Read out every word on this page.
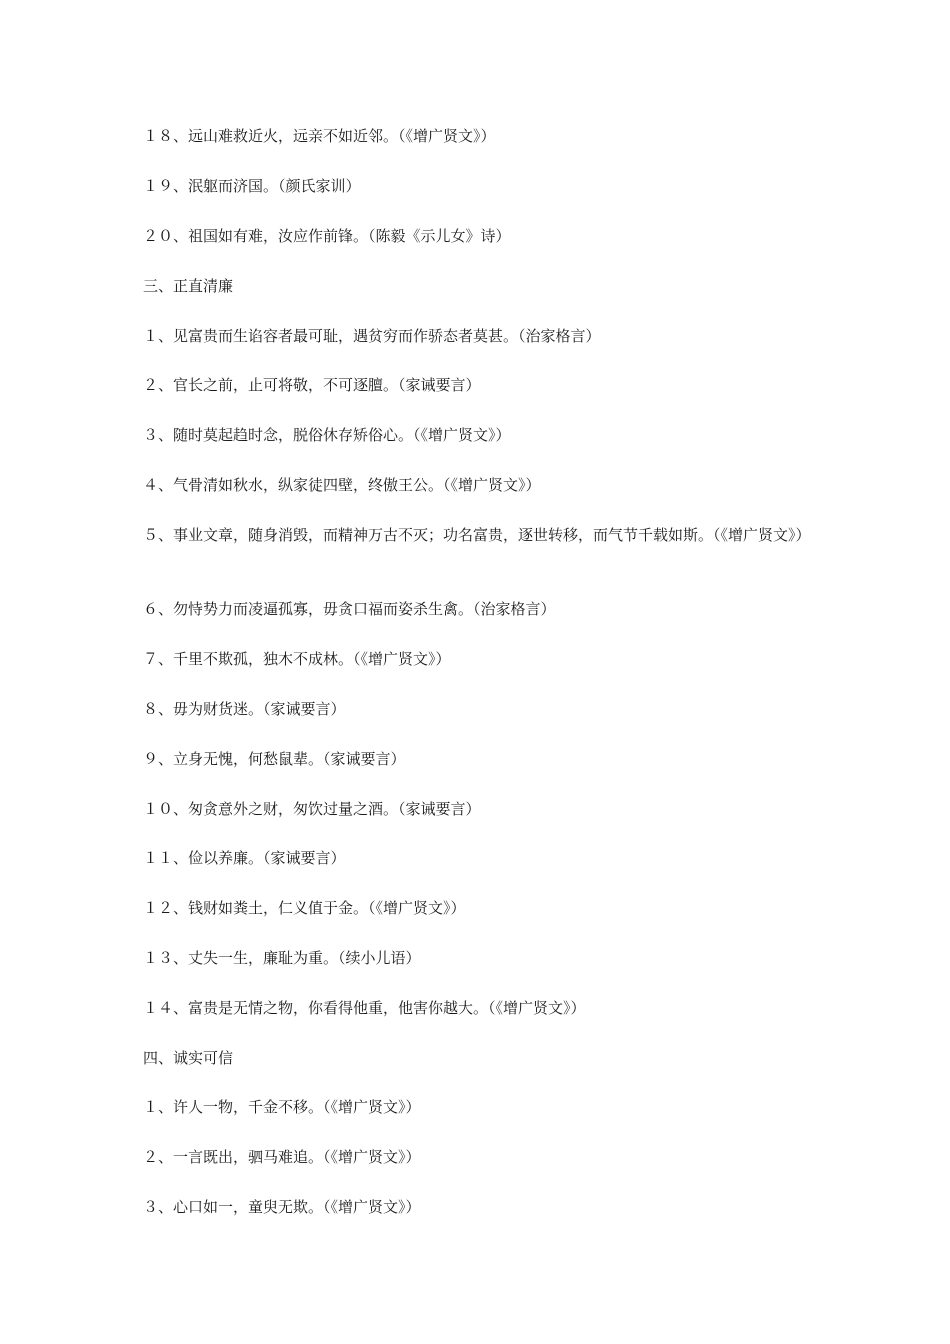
１８、远山难救近火，远亲不如近邻。（《增广贤文》）
１９、泯躯而济国。（颜氏家训）
２０、祖国如有难，汝应作前锋。（陈毅《示儿女》诗）
三、正直清廉
１、见富贵而生谄容者最可耻，遇贫穷而作骄态者莫甚。（治家格言）
２、官长之前，止可将敬，不可逐膻。（家诫要言）
３、随时莫起趋时念，脱俗休存矫俗心。（《增广贤文》）
４、气骨清如秋水，纵家徒四壁，终傲王公。（《增广贤文》）
５、事业文章，随身消毁，而精神万古不灭；功名富贵，逐世转移，而气节千载如斯。（《增广贤文》）
６、勿恃势力而凌逼孤寡，毋贪口福而姿杀生禽。（治家格言）
７、千里不欺孤，独木不成林。（《增广贤文》）
８、毋为财货迷。（家诫要言）
９、立身无愧，何愁鼠辈。（家诫要言）
１０、匆贪意外之财，匆饮过量之酒。（家诫要言）
１１、俭以养廉。（家诫要言）
１２、钱财如粪土，仁义值于金。（《增广贤文》）
１３、丈失一生，廉耻为重。（续小儿语）
１４、富贵是无情之物，你看得他重，他害你越大。（《增广贤文》）
四、诚实可信
１、许人一物，千金不移。（《增广贤文》）
２、一言既出，驷马难追。（《增广贤文》）
３、心口如一，童臾无欺。（《增广贤文》）
